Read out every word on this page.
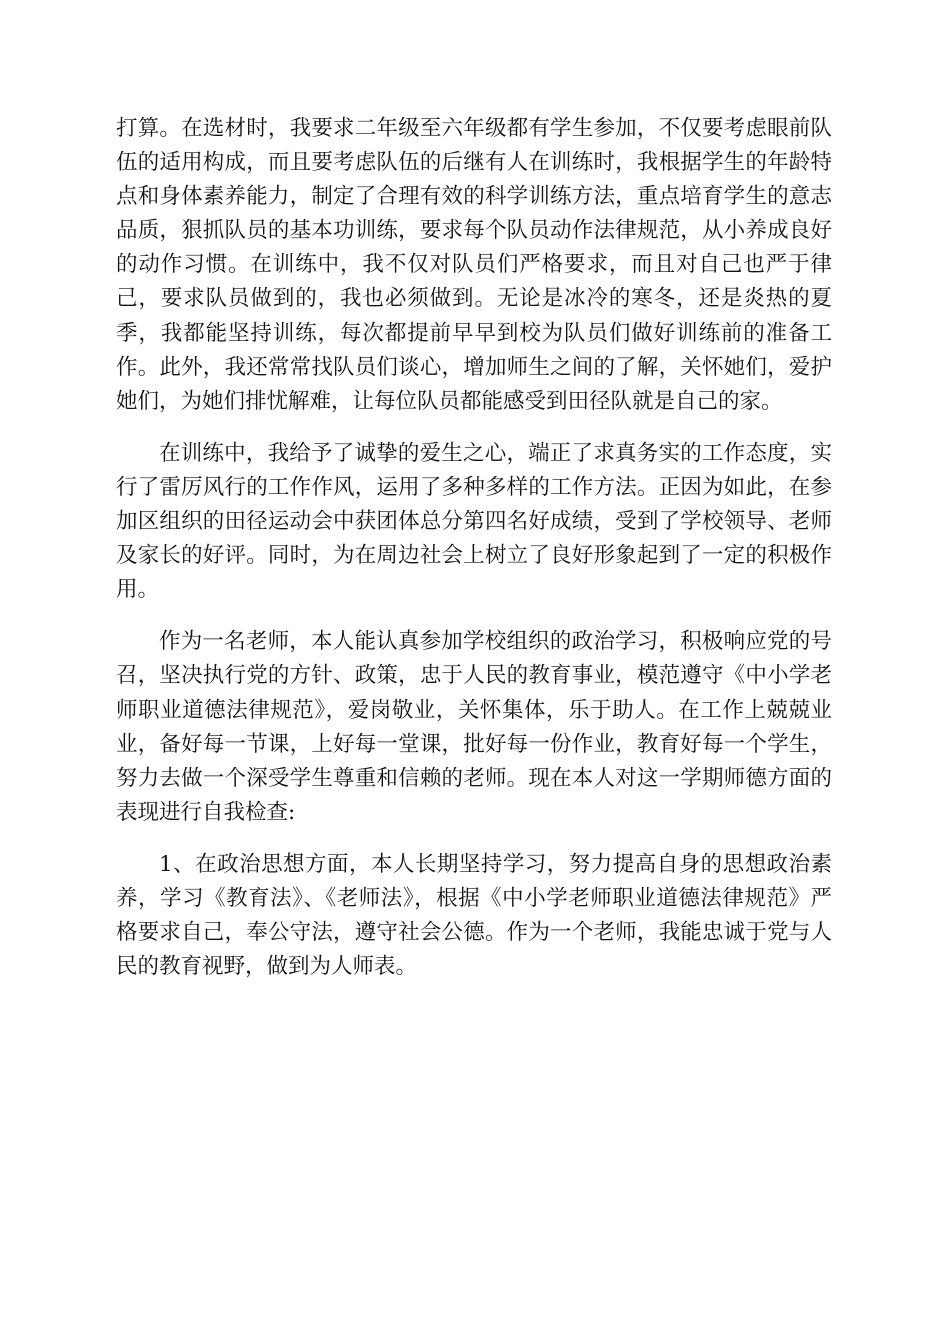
打算。在选材时，我要求二年级至六年级都有学生参加，不仅要考虑眼前队伍的适用构成，而且要考虑队伍的后继有人在训练时，我根据学生的年龄特点和身体素养能力，制定了合理有效的科学训练方法，重点培育学生的意志品质，狠抓队员的基本功训练，要求每个队员动作法律规范，从小养成良好的动作习惯。在训练中，我不仅对队员们严格要求，而且对自己也严于律己，要求队员做到的，我也必须做到。无论是冰冷的寒冬，还是炎热的夏季，我都能坚持训练，每次都提前早早到校为队员们做好训练前的准备工作。此外，我还常常找队员们谈心，增加师生之间的了解，关怀她们，爱护她们，为她们排忧解难，让每位队员都能感受到田径队就是自己的家。

在训练中，我给予了诚挚的爱生之心，端正了求真务实的工作态度，实行了雷厉风行的工作作风，运用了多种多样的工作方法。正因为如此，在参加区组织的田径运动会中获团体总分第四名好成绩，受到了学校领导、老师及家长的好评。同时，为在周边社会上树立了良好形象起到了一定的积极作用。

作为一名老师，本人能认真参加学校组织的政治学习，积极响应党的号召，坚决执行党的方针、政策，忠于人民的教育事业，模范遵守《中小学老师职业道德法律规范》，爱岗敬业，关怀集体，乐于助人。在工作上兢兢业业，备好每一节课，上好每一堂课，批好每一份作业，教育好每一个学生，努力去做一个深受学生尊重和信赖的老师。现在本人对这一学期师德方面的表现进行自我检查:

1、在政治思想方面，本人长期坚持学习，努力提高自身的思想政治素养，学习《教育法》、《老师法》，根据《中小学老师职业道德法律规范》严格要求自己，奉公守法，遵守社会公德。作为一个老师，我能忠诚于党与人民的教育视野，做到为人师表。
